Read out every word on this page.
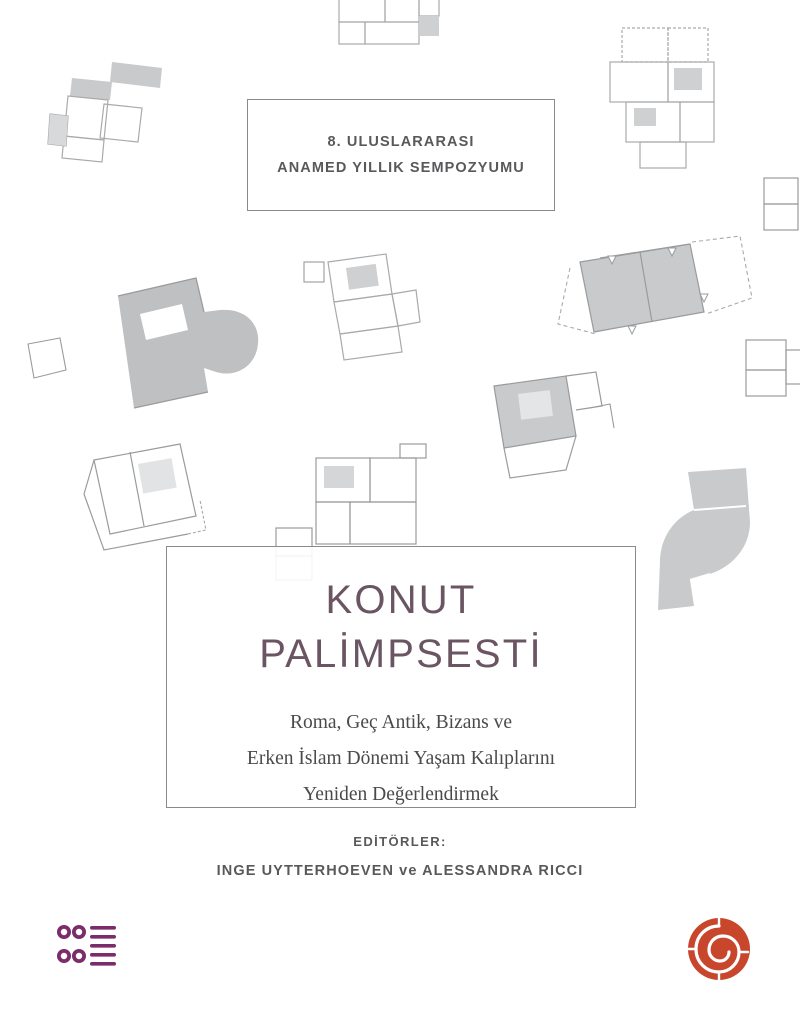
8. ULUSLARARASI
ANAMED YILLIK SEMPOZYUMU
KONUT
PALİMPSESTİ
Roma, Geç Antik, Bizans ve
Erken İslam Dönemi Yaşam Kalıplarını
Yeniden Değerlendirmek
EDİTÖRLER:
INGE UYTTERHOEVEN ve ALESSANDRA RICCI
